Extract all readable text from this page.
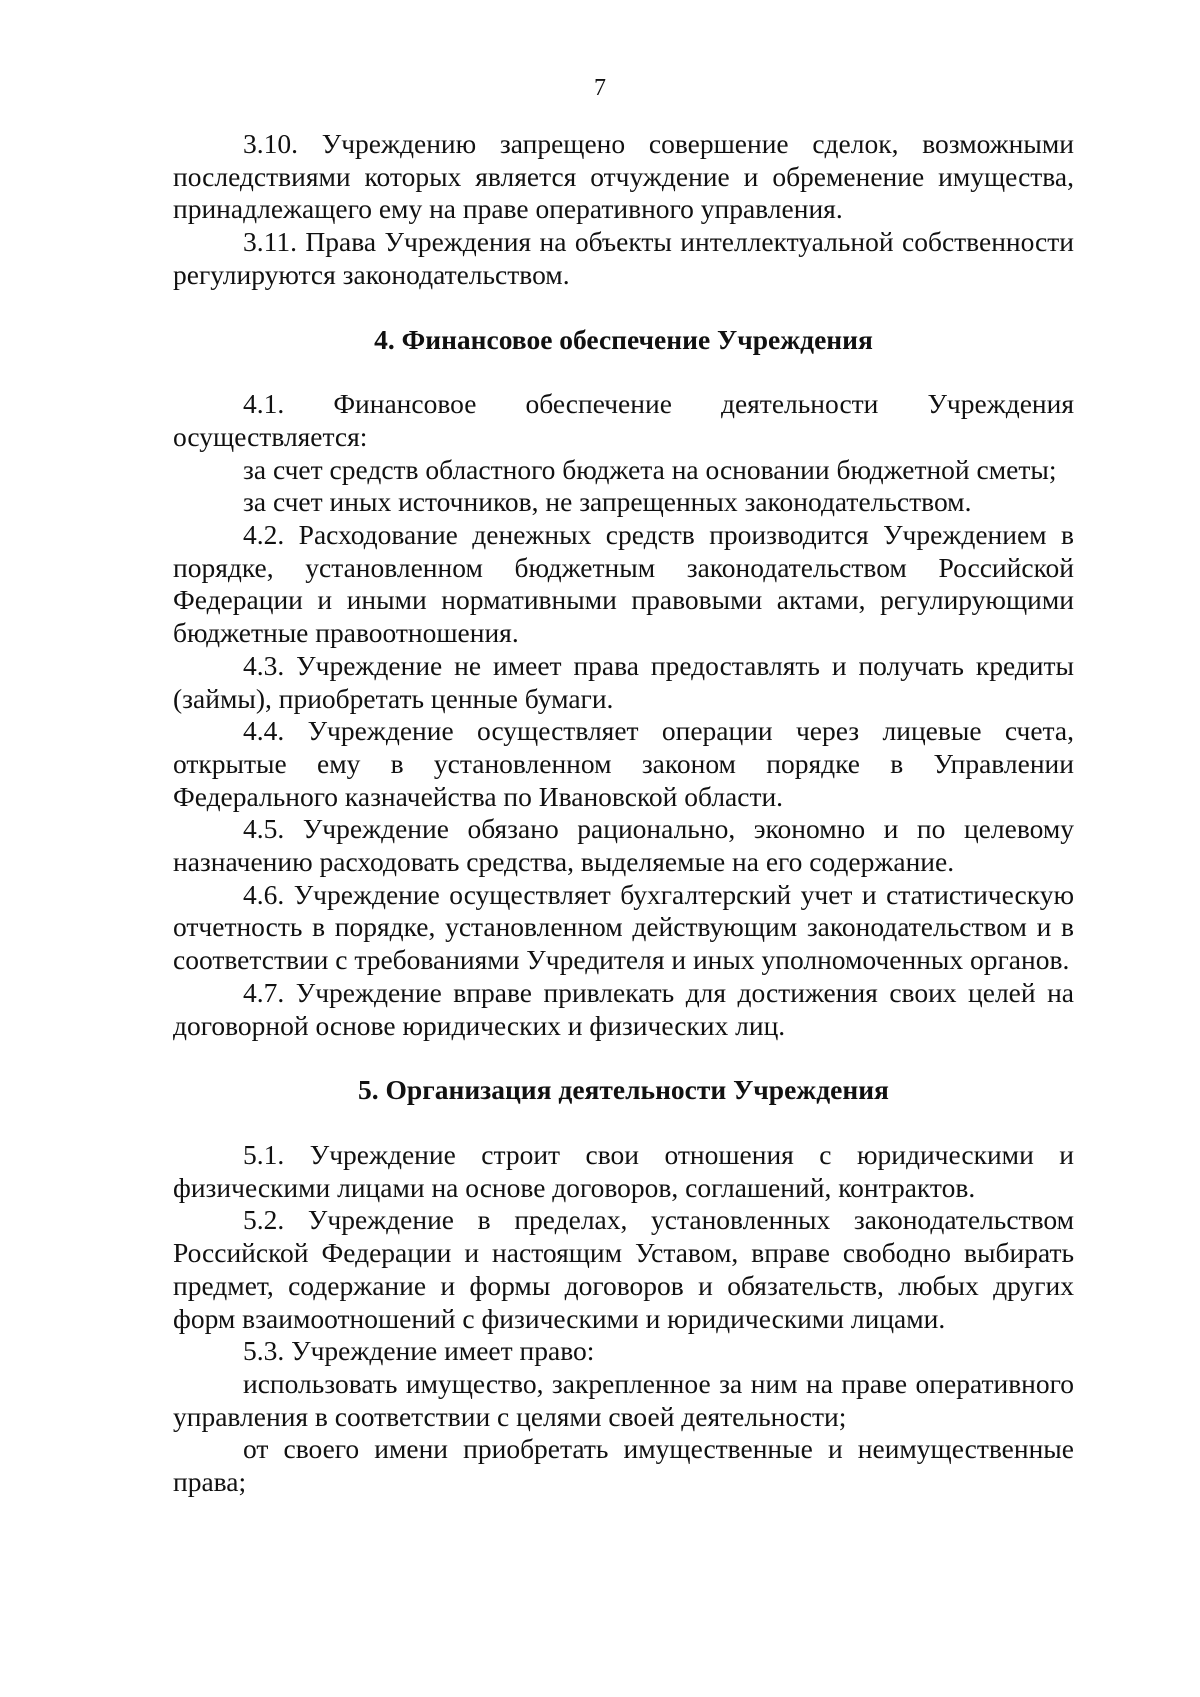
7

3.10. Учреждению запрещено совершение сделок, возможными последствиями которых является отчуждение и обременение имущества, принадлежащего ему на праве оперативного управления.

3.11. Права Учреждения на объекты интеллектуальной собственности регулируются законодательством.

4. Финансовое обеспечение Учреждения

4.1. Финансовое обеспечение деятельности Учреждения осуществляется:

за счет средств областного бюджета на основании бюджетной сметы;

за счет иных источников, не запрещенных законодательством.

4.2. Расходование денежных средств производится Учреждением в порядке, установленном бюджетным законодательством Российской Федерации и иными нормативными правовыми актами, регулирующими бюджетные правоотношения.

4.3. Учреждение не имеет права предоставлять и получать кредиты (займы), приобретать ценные бумаги.

4.4. Учреждение осуществляет операции через лицевые счета, открытые ему в установленном законом порядке в Управлении Федерального казначейства по Ивановской области.

4.5. Учреждение обязано рационально, экономно и по целевому назначению расходовать средства, выделяемые на его содержание.

4.6. Учреждение осуществляет бухгалтерский учет и статистическую отчетность в порядке, установленном действующим законодательством и в соответствии с требованиями Учредителя и иных уполномоченных органов.

4.7. Учреждение вправе привлекать для достижения своих целей на договорной основе юридических и физических лиц.

5. Организация деятельности Учреждения

5.1. Учреждение строит свои отношения с юридическими и физическими лицами на основе договоров, соглашений, контрактов.

5.2. Учреждение в пределах, установленных законодательством Российской Федерации и настоящим Уставом, вправе свободно выбирать предмет, содержание и формы договоров и обязательств, любых других форм взаимоотношений с физическими и юридическими лицами.

5.3. Учреждение имеет право:

использовать имущество, закрепленное за ним на праве оперативного управления в соответствии с целями своей деятельности;

от своего имени приобретать имущественные и неимущественные права;
